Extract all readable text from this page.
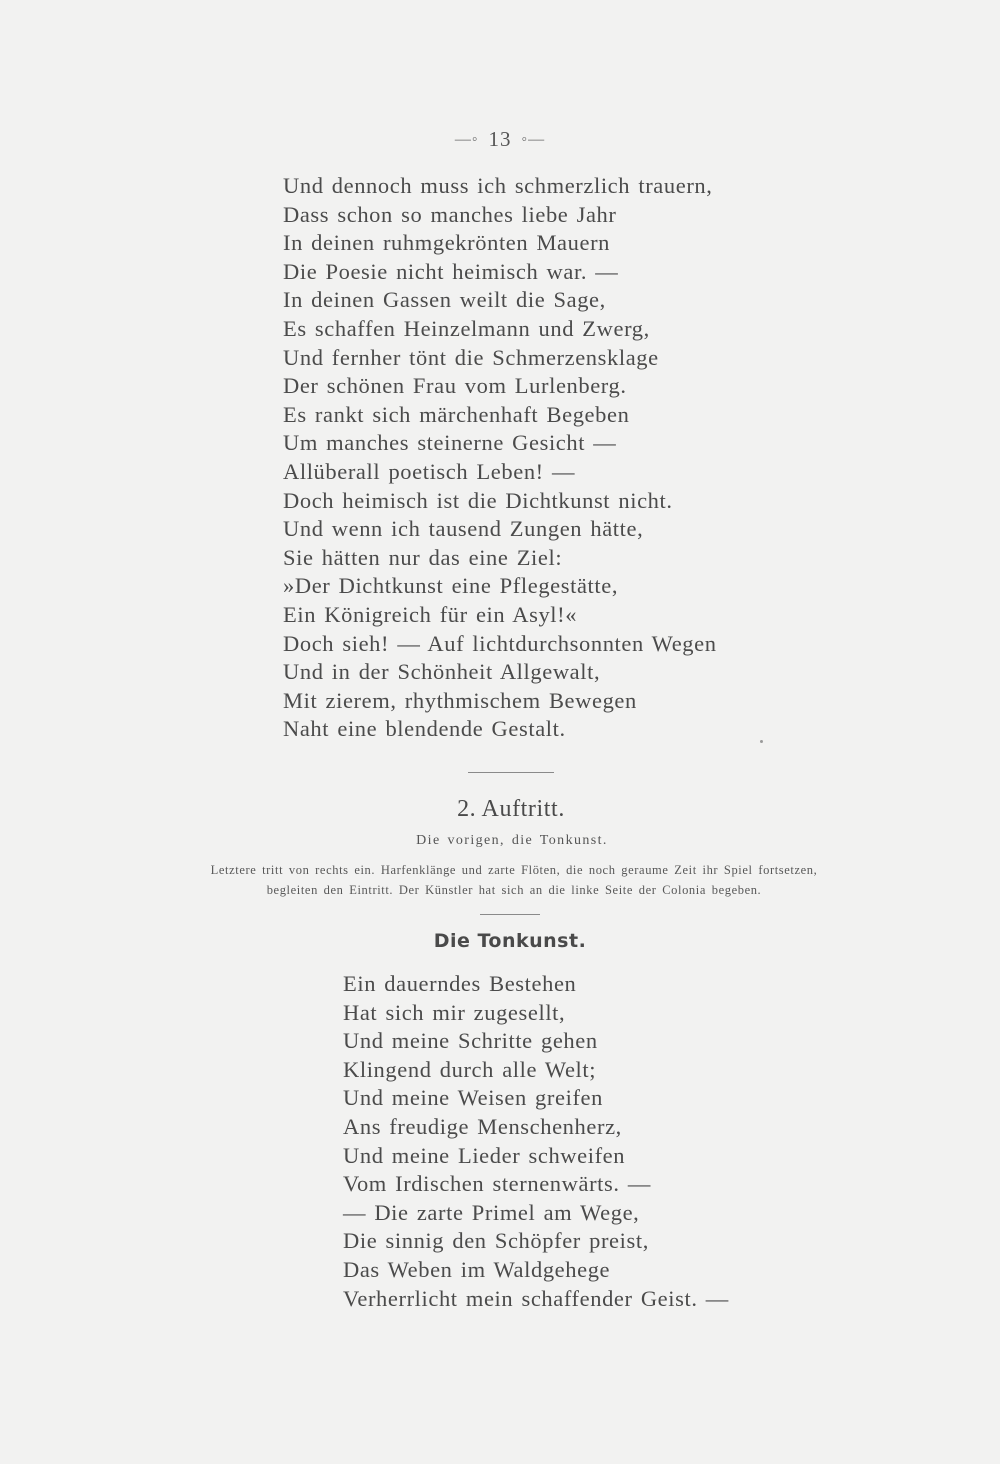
—◦ 13 ◦—
Und dennoch muss ich schmerzlich trauern,
Dass schon so manches liebe Jahr
In deinen ruhmgekrönten Mauern
Die Poesie nicht heimisch war. —
In deinen Gassen weilt die Sage,
Es schaffen Heinzelmann und Zwerg,
Und fernher tönt die Schmerzensklage
Der schönen Frau vom Lurlenberg.
Es rankt sich märchenhaft Begeben
Um manches steinerne Gesicht —
Allüberall poetisch Leben! —
Doch heimisch ist die Dichtkunst nicht.
Und wenn ich tausend Zungen hätte,
Sie hätten nur das eine Ziel:
»Der Dichtkunst eine Pflegestätte,
Ein Königreich für ein Asyl!«
Doch sieh! — Auf lichtdurchsonnten Wegen
Und in der Schönheit Allgewalt,
Mit zierem, rhythmischem Bewegen
Naht eine blendende Gestalt.
2. Auftritt.
Die vorigen, die Tonkunst.
Letztere tritt von rechts ein. Harfenklänge und zarte Flöten, die noch geraume Zeit ihr Spiel fortsetzen,
begleiten den Eintritt. Der Künstler hat sich an die linke Seite der Colonia begeben.
Die Tonkunst.
Ein dauerndes Bestehen
Hat sich mir zugesellt,
Und meine Schritte gehen
Klingend durch alle Welt;
Und meine Weisen greifen
Ans freudige Menschenherz,
Und meine Lieder schweifen
Vom Irdischen sternenwärts. —
— Die zarte Primel am Wege,
Die sinnig den Schöpfer preist,
Das Weben im Waldgehege
Verherrlicht mein schaffender Geist. —
